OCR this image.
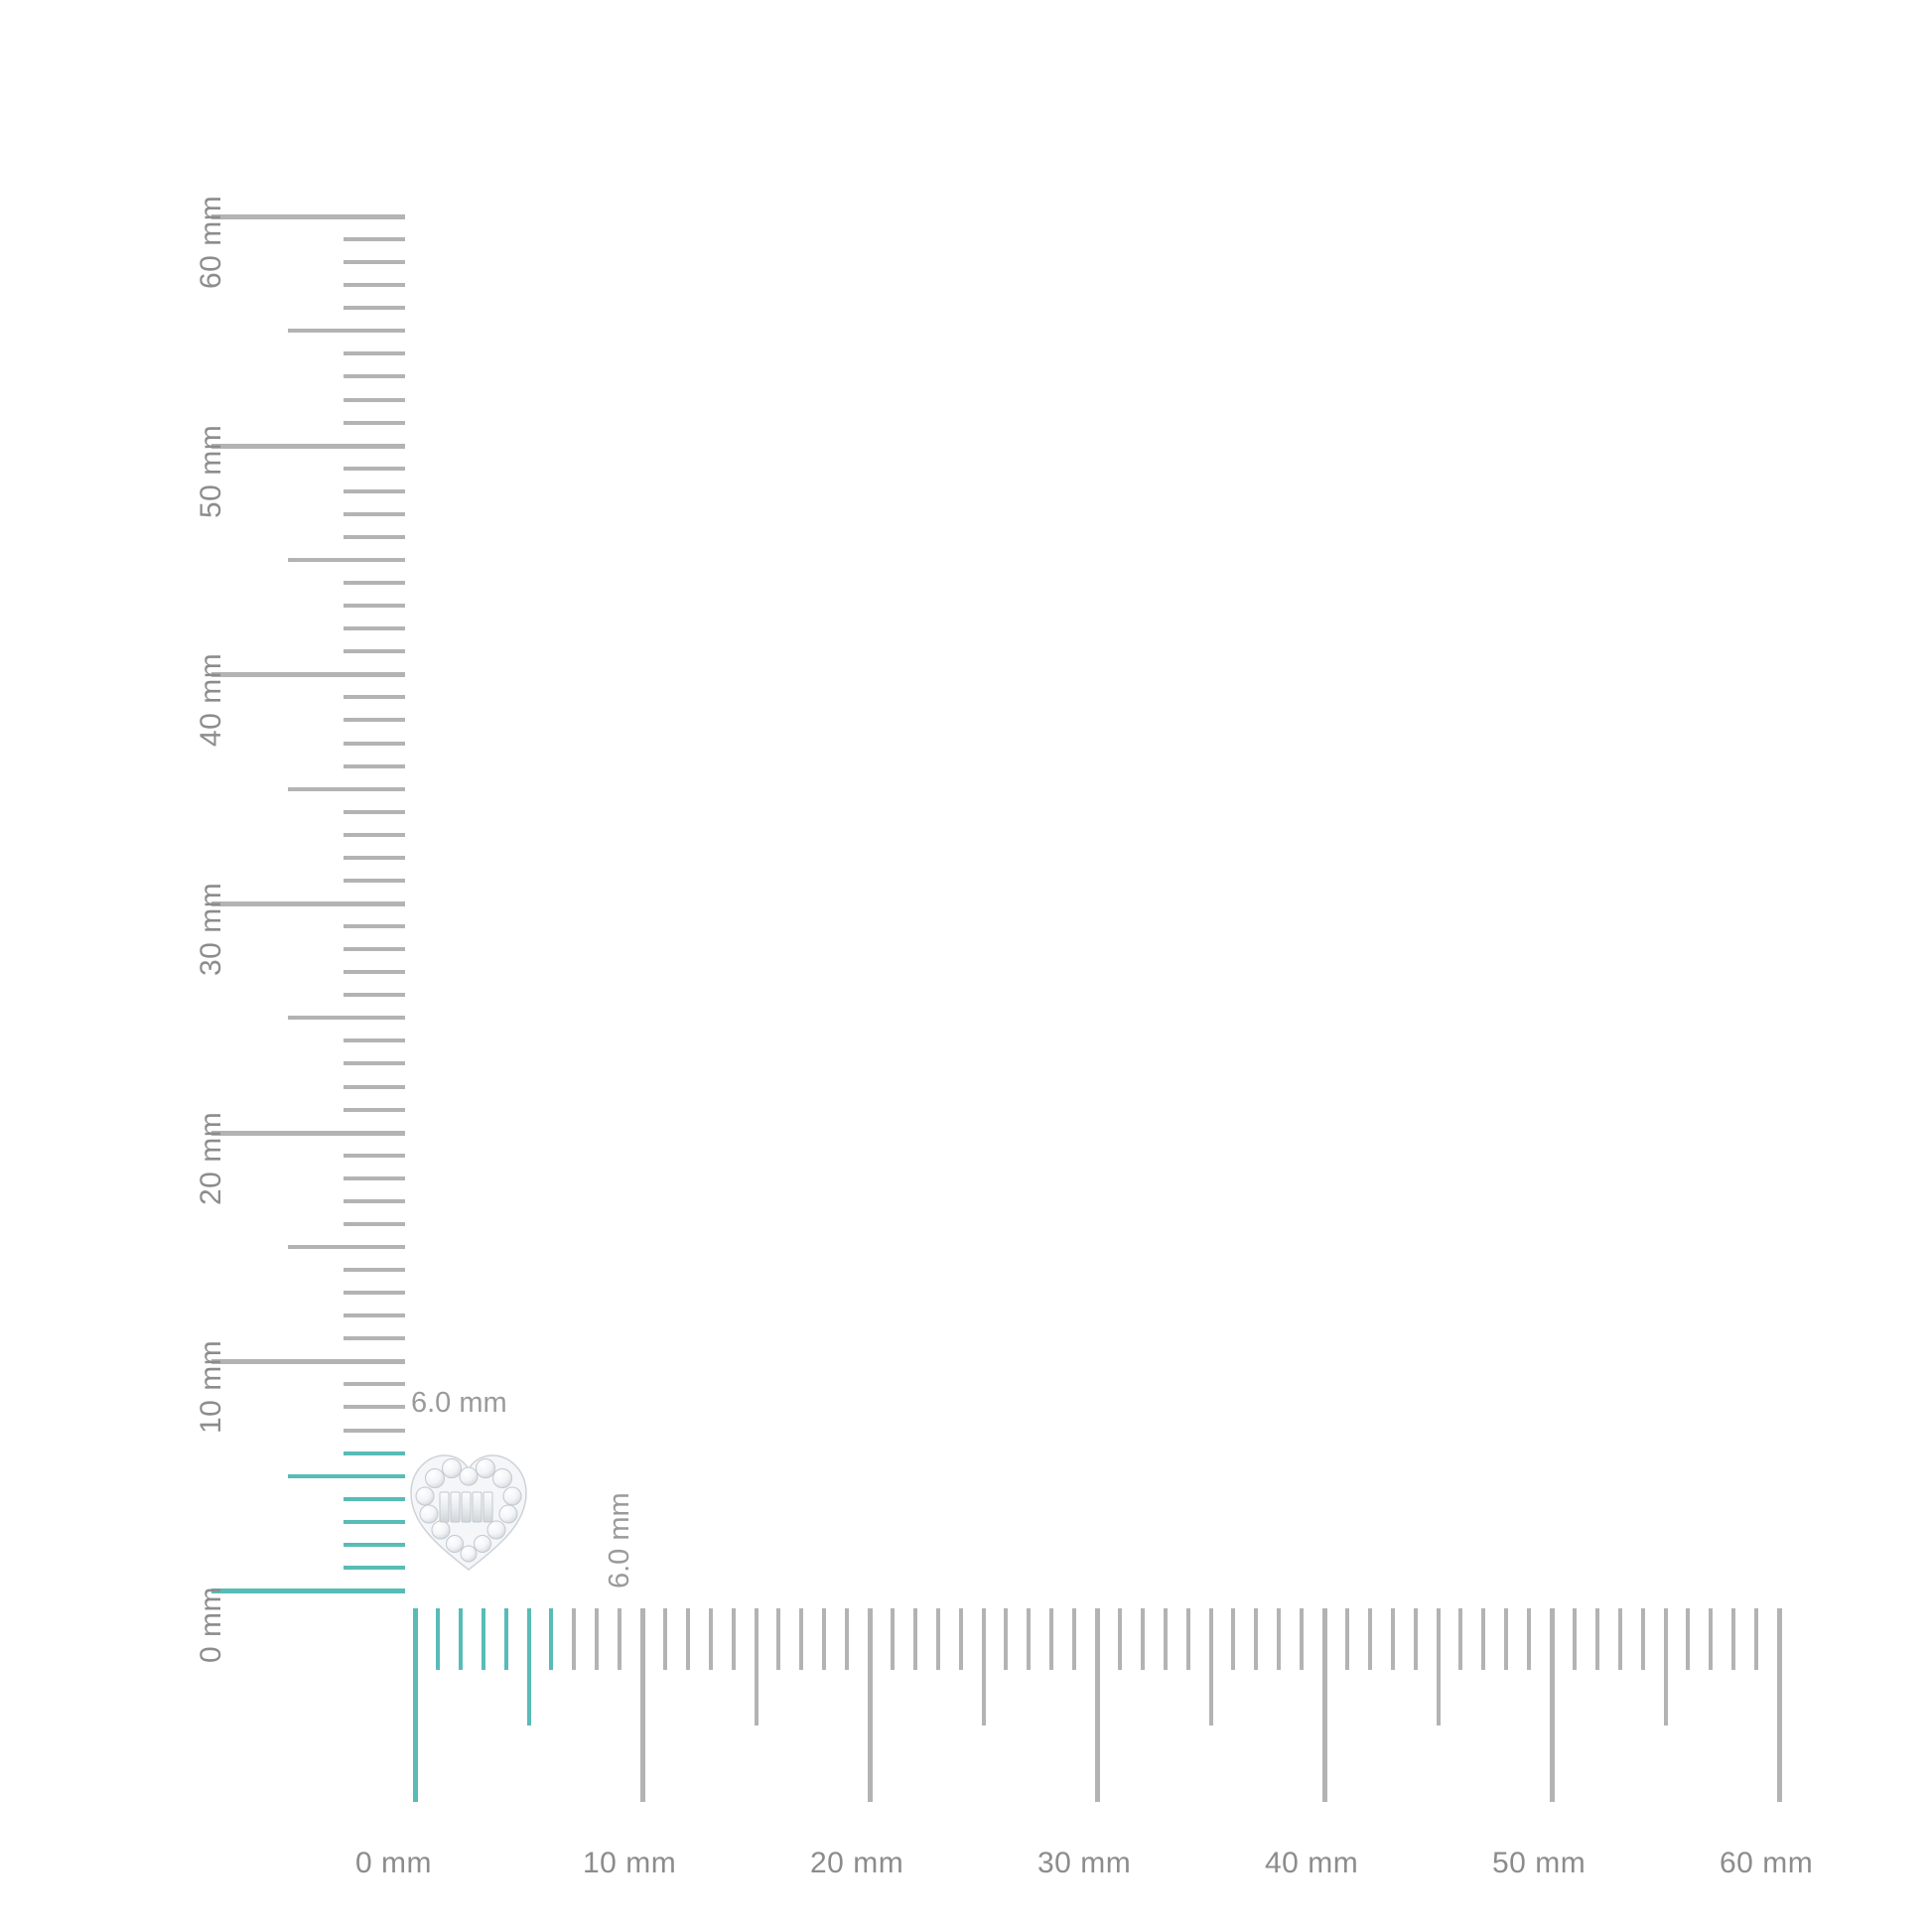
6.0 mm
6.0 mm
0 mm
10 mm
20 mm
30 mm
40 mm
50 mm
60 mm
0 mm	10 mm	20 mm	30 mm	40 mm	50 mm	60 mm
